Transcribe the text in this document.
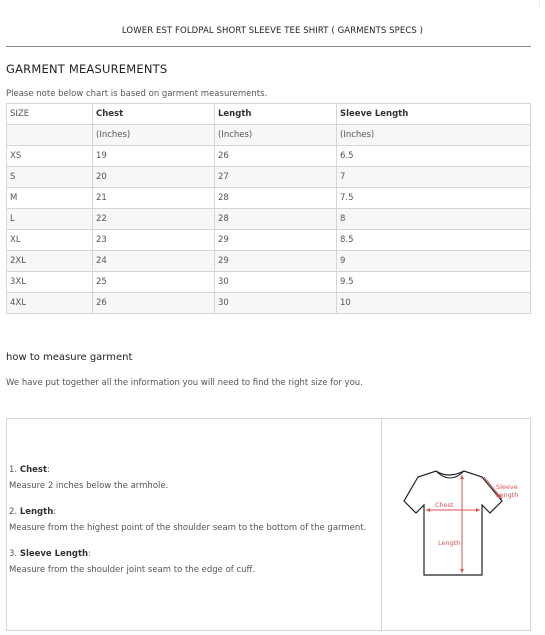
LOWER EST FOLDPAL SHORT SLEEVE TEE SHIRT ( GARMENTS SPECS )
GARMENT MEASUREMENTS
Please note below chart is based on garment measurements.
SIZE	Chest	Length	Sleeve Length
	(Inches)	(Inches)	(Inches)
XS	19	26	6.5
S	20	27	7
M	21	28	7.5
L	22	28	8
XL	23	29	8.5
2XL	24	29	9
3XL	25	30	9.5
4XL	26	30	10
how to measure garment
We have put together all the information you will need to find the right size for you.
1. Chest:
Measure 2 inches below the armhole.
2. Length:
Measure from the highest point of the shoulder seam to the bottom of the garment.
3. Sleeve Length:
Measure from the shoulder joint seam to the edge of cuff.
Chest
Length
Sleeve
Length
⋮
